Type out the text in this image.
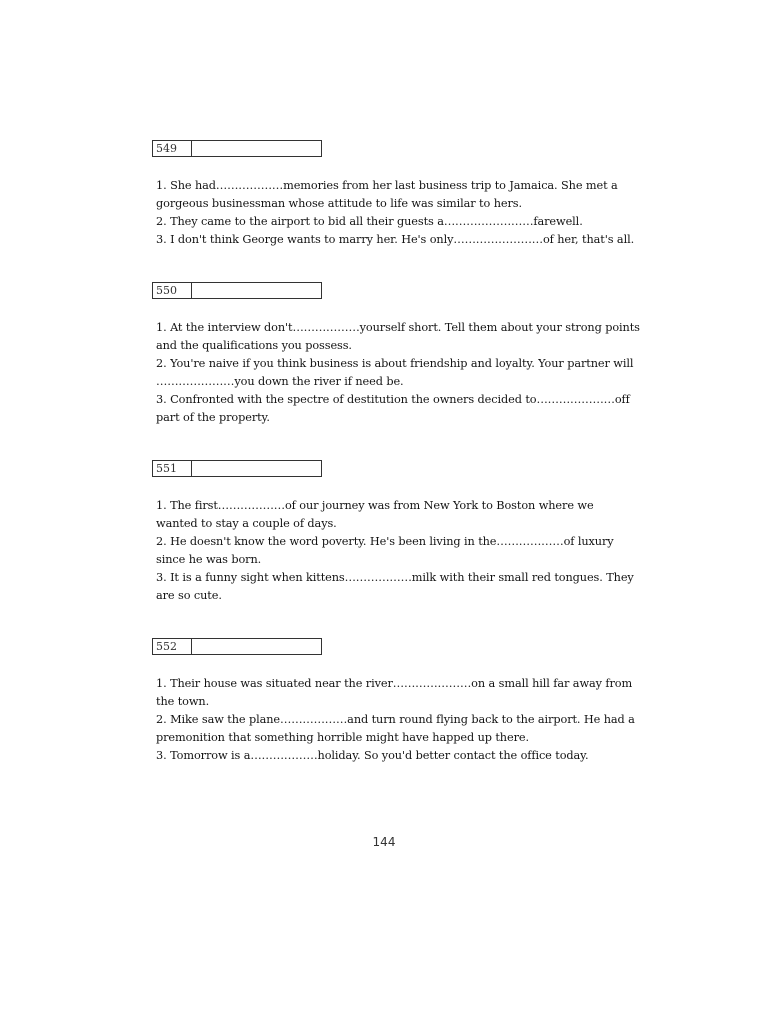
549
1. She had………………memories from her last business trip to Jamaica. She met a
gorgeous businessman whose attitude to life was similar to hers.
2. They came to the airport to bid all their guests a……………………farewell.
3. I don't think George wants to marry her. He's only……………………of her, that's all.
550
1. At the interview don't………………yourself short. Tell them about your strong points
and the qualifications you possess.
2. You're naive if you think business is about friendship and loyalty. Your partner will
…………………you down the river if need be.
3. Confronted with the spectre of destitution the owners decided to…………………off
part of the property.
551
1. The first………………of our journey was from New York to Boston where we
wanted to stay a couple of days.
2. He doesn't know the word poverty. He's been living in the………………of luxury
since he was born.
3. It is a funny sight when kittens………………milk with their small red tongues. They
are so cute.
552
1. Their house was situated near the river…………………on a small hill far away from
the town.
2. Mike saw the plane………………and turn round flying back to the airport. He had a
premonition that something horrible might have happed up there.
3. Tomorrow is a………………holiday. So you'd better contact the office today.
144
